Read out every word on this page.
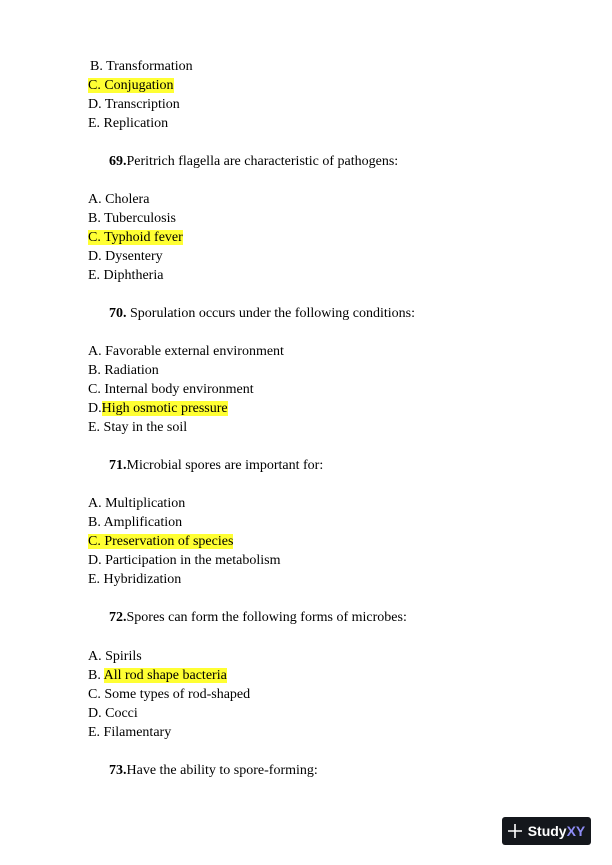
B. Transformation
C. Conjugation
D. Transcription
E. Replication
69.Peritrich flagella are characteristic of pathogens:
A. Cholera
B. Tuberculosis
C. Typhoid fever
D. Dysentery
E. Diphtheria
70. Sporulation occurs under the following conditions:
A. Favorable external environment
B. Radiation
C. Internal body environment
D.High osmotic pressure
E. Stay in the soil
71.Microbial spores are important for:
A. Multiplication
B. Amplification
C. Preservation of species
D. Participation in the metabolism
E. Hybridization
72.Spores can form the following forms of microbes:
A. Spirils
B. All rod shape bacteria
C. Some types of rod-shaped
D. Cocci
E. Filamentary
73.Have the ability to spore-forming:
Study XY
